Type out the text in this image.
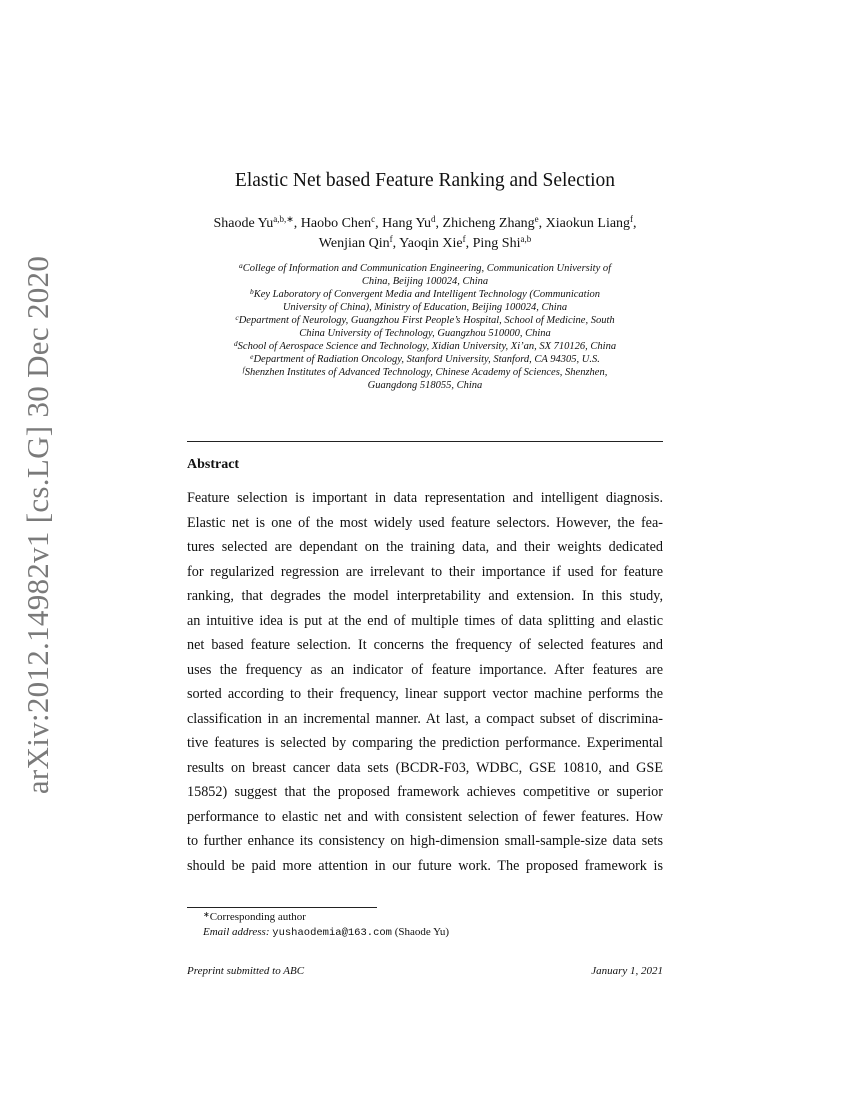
arXiv:2012.14982v1 [cs.LG] 30 Dec 2020
Elastic Net based Feature Ranking and Selection
Shaode $Yu^{a,b,∗}$, Haobo Chen$^c$, Hang Yu$^d$, Zhicheng Zhang$^e$, Xiaokun Liang$^f$,
Wenjian Qin$^f$, Yaoqin Xie$^f$, Ping Shi$^{a,b}$
$^a$College of Information and Communication Engineering, Communication University of
China, Beijing 100024, China
$^b$Key Laboratory of Convergent Media and Intelligent Technology (Communication
University of China), Ministry of Education, Beijing 100024, China
$^c$Department of Neurology, Guangzhou First People’s Hospital, School of Medicine, South
China University of Technology, Guangzhou 510000, China
$^d$School of Aerospace Science and Technology, Xidian University, Xi’an, SX 710126, China
$^e$Department of Radiation Oncology, Stanford University, Stanford, CA 94305, U.S.
$^f$Shenzhen Institutes of Advanced Technology, Chinese Academy of Sciences, Shenzhen,
Guangdong 518055, China
Abstract
Feature selection is important in data representation and intelligent diagnosis.
Elastic net is one of the most widely used feature selectors. However, the fea-
tures selected are dependant on the training data, and their weights dedicated
for regularized regression are irrelevant to their importance if used for feature
ranking, that degrades the model interpretability and extension. In this study,
an intuitive idea is put at the end of multiple times of data splitting and elastic
net based feature selection. It concerns the frequency of selected features and
uses the frequency as an indicator of feature importance. After features are
sorted according to their frequency, linear support vector machine performs the
classification in an incremental manner. At last, a compact subset of discrimina-
tive features is selected by comparing the prediction performance. Experimental
results on breast cancer data sets (BCDR-F03, WDBC, GSE 10810, and GSE
15852) suggest that the proposed framework achieves competitive or superior
performance to elastic net and with consistent selection of fewer features. How
to further enhance its consistency on high-dimension small-sample-size data sets
should be paid more attention in our future work. The proposed framework is
∗Corresponding author
Email address: yushaodemia@163.com (Shaode Yu)
Preprint submitted to ABC	January 1, 2021
